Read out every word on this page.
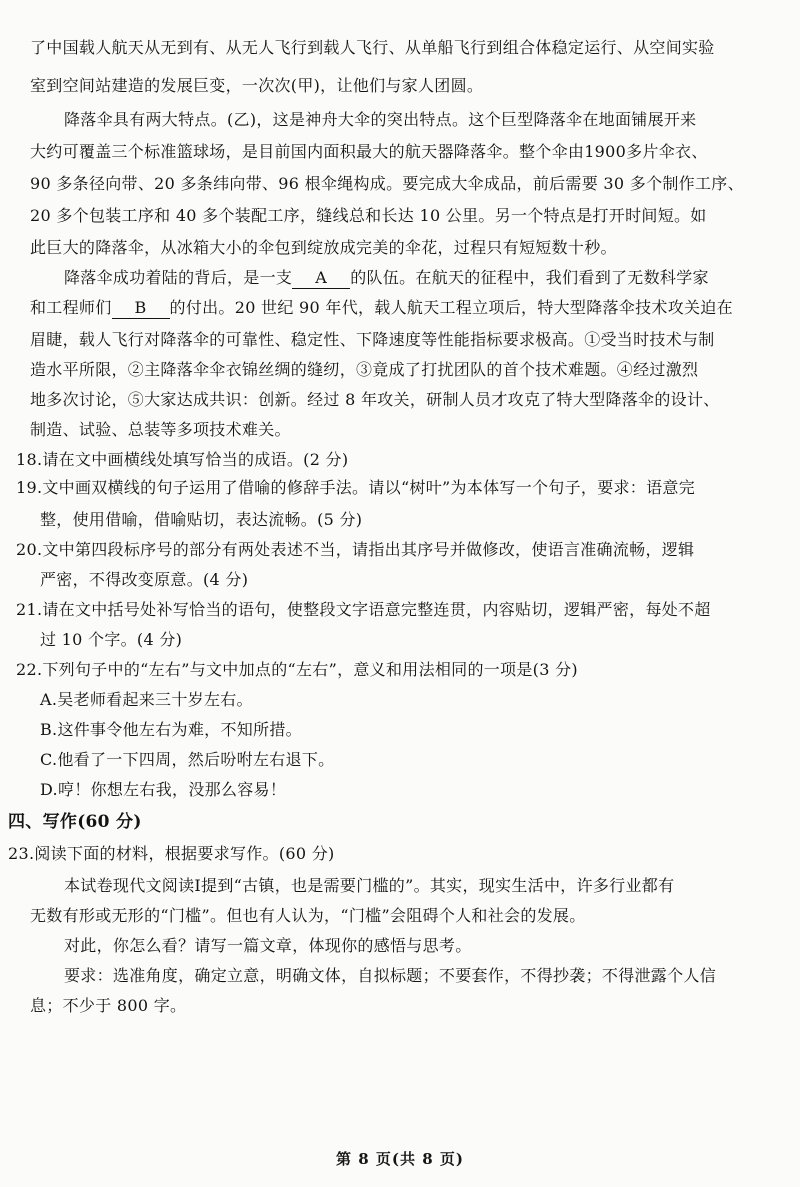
了中国载人航天从无到有、从无人飞行到载人飞行、从单船飞行到组合体稳定运行、从空间实验
室到空间站建造的发展巨变，一次次(甲)，让他们与家人团圆。
降落伞具有两大特点。(乙)，这是神舟大伞的突出特点。这个巨型降落伞在地面铺展开来
大约可覆盖三个标准篮球场，是目前国内面积最大的航天器降落伞。整个伞由1900多片伞衣、
90 多条径向带、20 多条纬向带、96 根伞绳构成。要完成大伞成品，前后需要 30 多个制作工序、
20 多个包装工序和 40 多个装配工序，缝线总和长达 10 公里。另一个特点是打开时间短。如
此巨大的降落伞，从冰箱大小的伞包到绽放成完美的伞花，过程只有短短数十秒。
降落伞成功着陆的背后，是一支 A 的队伍。在航天的征程中，我们看到了无数科学家
和工程师们 B 的付出。20 世纪 90 年代，载人航天工程立项后，特大型降落伞技术攻关迫在
眉睫，载人飞行对降落伞的可靠性、稳定性、下降速度等性能指标要求极高。①受当时技术与制
造水平所限，②主降落伞伞衣锦丝绸的缝纫，③竟成了打扰团队的首个技术难题。④经过激烈
地多次讨论，⑤大家达成共识：创新。经过 8 年攻关，研制人员才攻克了特大型降落伞的设计、
制造、试验、总装等多项技术难关。
18.请在文中画横线处填写恰当的成语。(2 分)
19.文中画双横线的句子运用了借喻的修辞手法。请以“树叶”为本体写一个句子，要求：语意完
整，使用借喻，借喻贴切，表达流畅。(5 分)
20.文中第四段标序号的部分有两处表述不当，请指出其序号并做修改，使语言准确流畅，逻辑
严密，不得改变原意。(4 分)
21.请在文中括号处补写恰当的语句，使整段文字语意完整连贯，内容贴切，逻辑严密，每处不超
过 10 个字。(4 分)
22.下列句子中的“左右”与文中加点的“左右”，意义和用法相同的一项是(3 分)
A.吴老师看起来三十岁左右。
B.这件事令他左右为难，不知所措。
C.他看了一下四周，然后吩咐左右退下。
D.哼！你想左右我，没那么容易！
四、写作(60 分)
23.阅读下面的材料，根据要求写作。(60 分)
本试卷现代文阅读Ⅰ提到“古镇，也是需要门槛的”。其实，现实生活中，许多行业都有
无数有形或无形的“门槛”。但也有人认为，“门槛”会阻碍个人和社会的发展。
对此，你怎么看？请写一篇文章，体现你的感悟与思考。
要求：选准角度，确定立意，明确文体，自拟标题；不要套作，不得抄袭；不得泄露个人信
息；不少于 800 字。
第 8 页(共 8 页)
